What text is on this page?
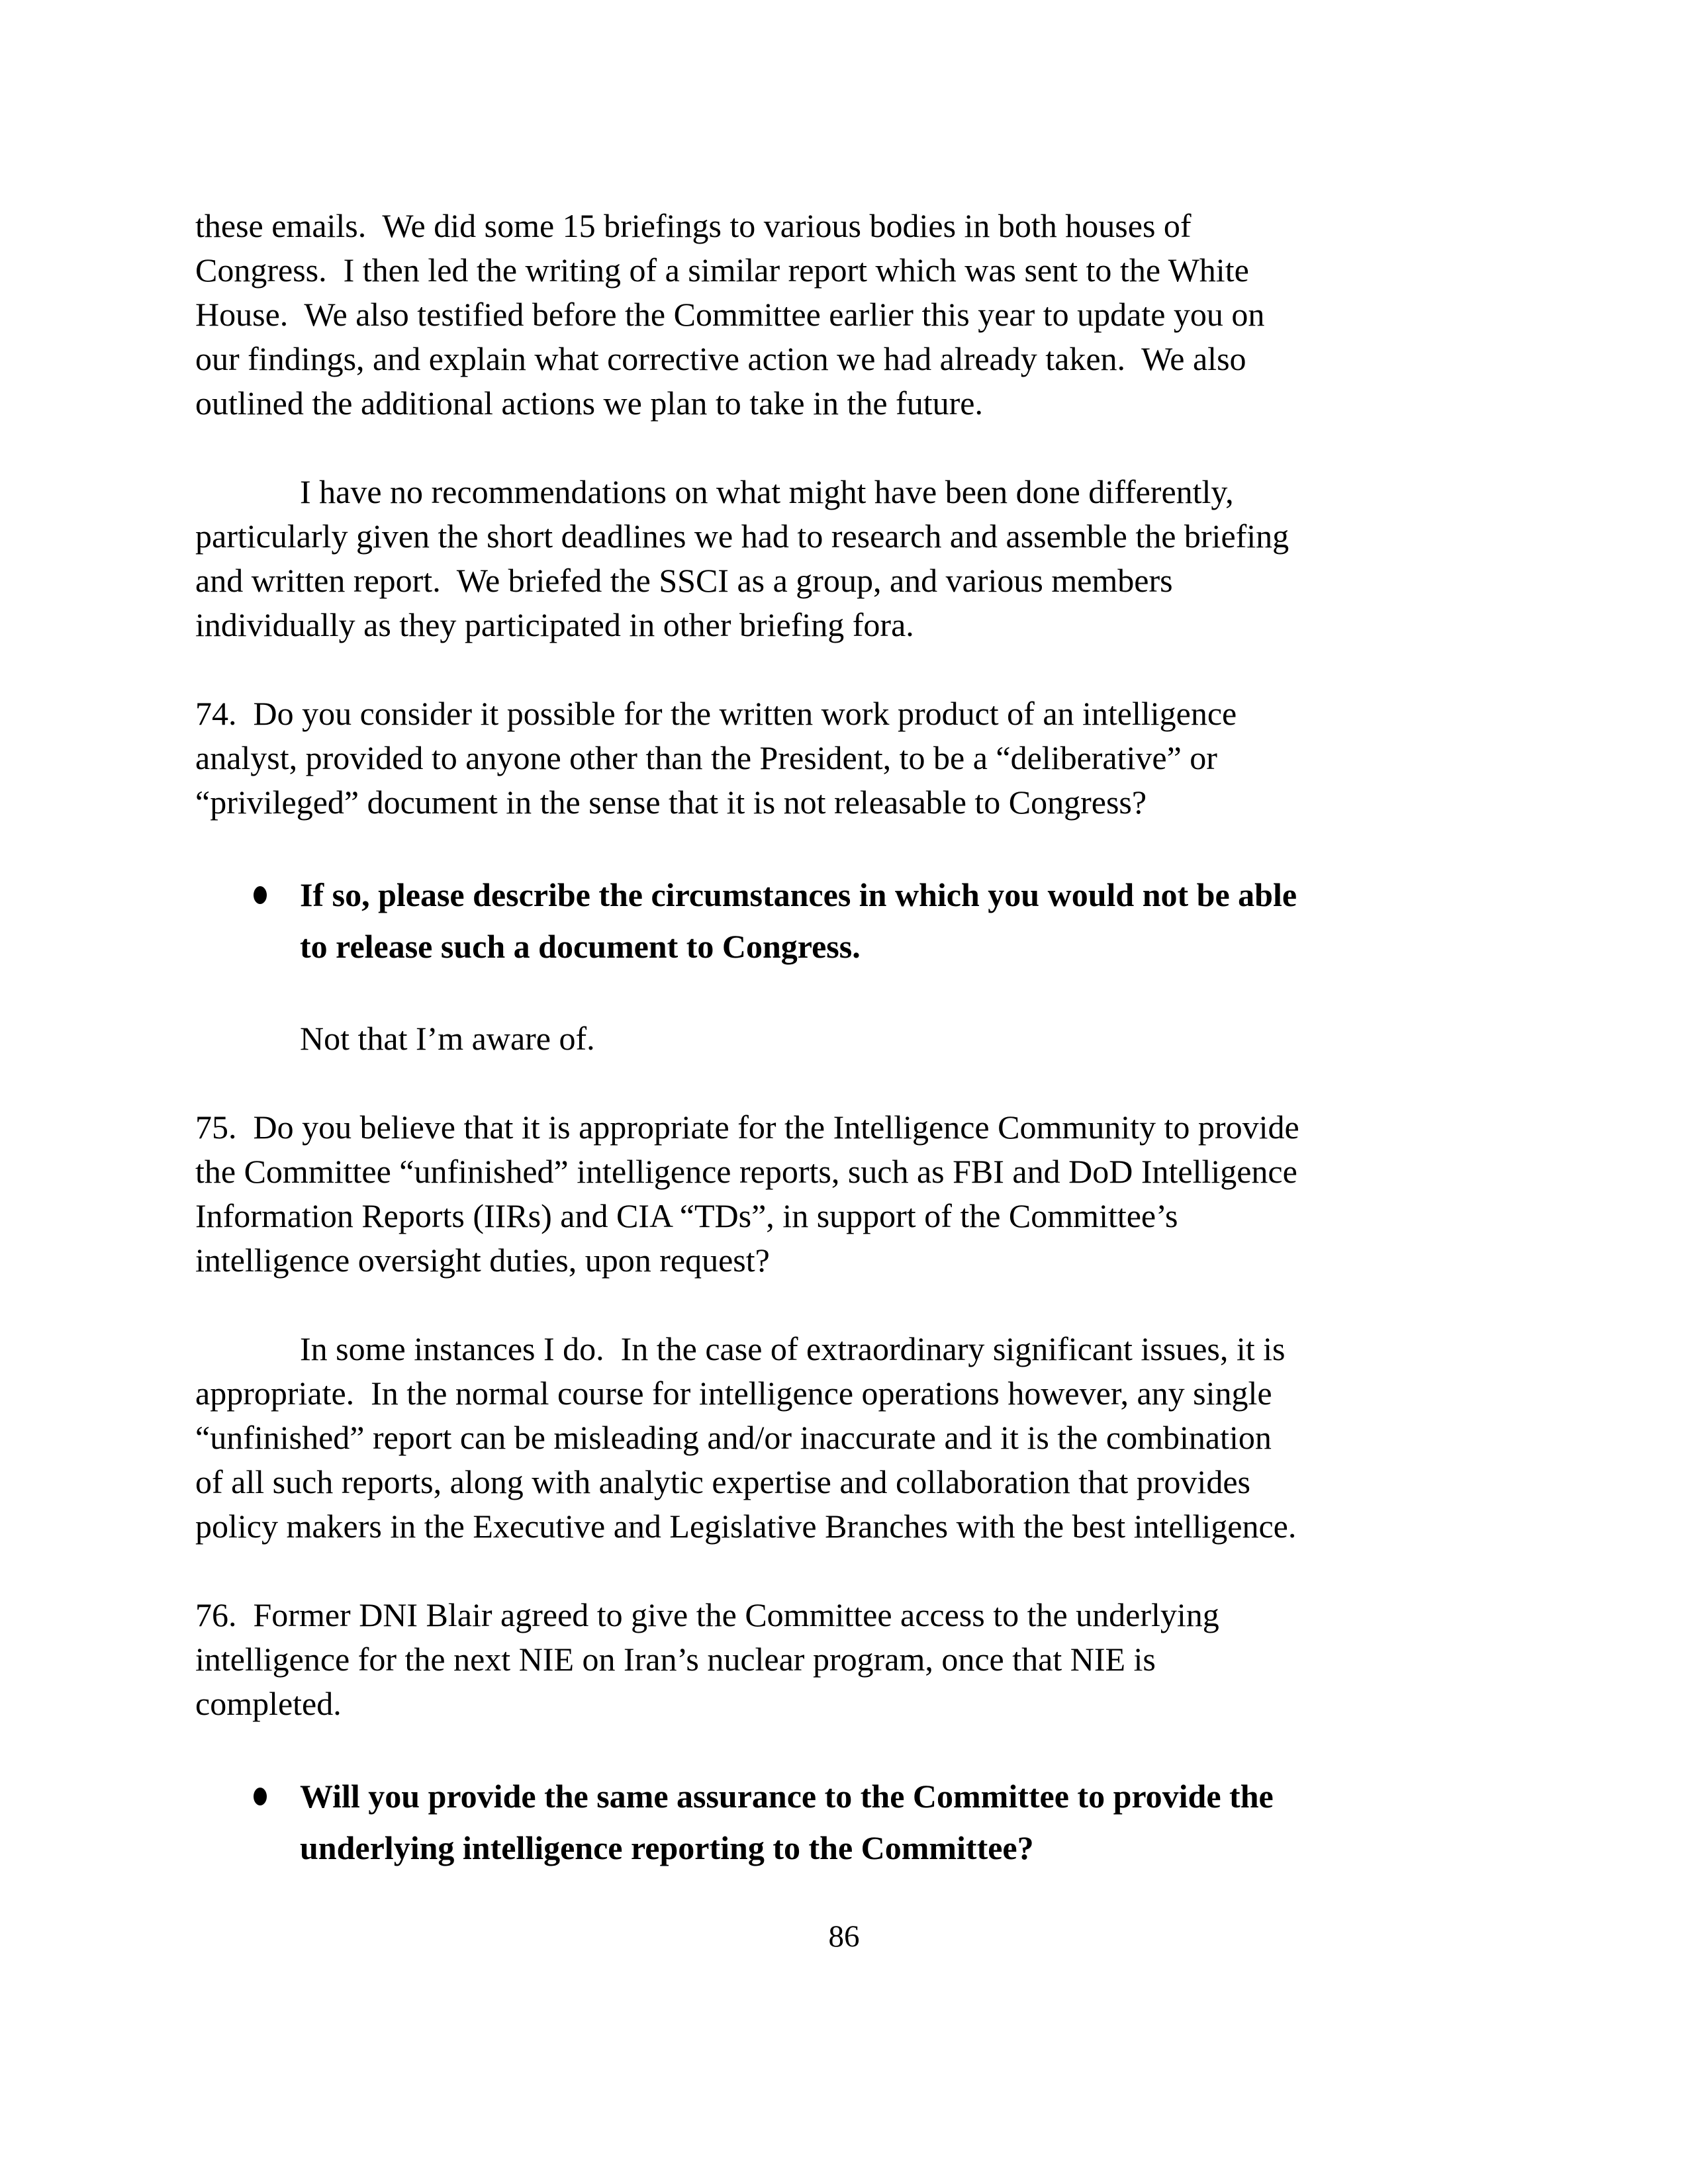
these emails.  We did some 15 briefings to various bodies in both houses of
Congress.  I then led the writing of a similar report which was sent to the White
House.  We also testified before the Committee earlier this year to update you on
our findings, and explain what corrective action we had already taken.  We also
outlined the additional actions we plan to take in the future.
I have no recommendations on what might have been done differently,
particularly given the short deadlines we had to research and assemble the briefing
and written report.  We briefed the SSCI as a group, and various members
individually as they participated in other briefing fora.
74.  Do you consider it possible for the written work product of an intelligence
analyst, provided to anyone other than the President, to be a “deliberative” or
“privileged” document in the sense that it is not releasable to Congress?
If so, please describe the circumstances in which you would not be able
to release such a document to Congress.
Not that I’m aware of.
75.  Do you believe that it is appropriate for the Intelligence Community to provide
the Committee “unfinished” intelligence reports, such as FBI and DoD Intelligence
Information Reports (IIRs) and CIA “TDs”, in support of the Committee’s
intelligence oversight duties, upon request?
In some instances I do.  In the case of extraordinary significant issues, it is
appropriate.  In the normal course for intelligence operations however, any single
“unfinished” report can be misleading and/or inaccurate and it is the combination
of all such reports, along with analytic expertise and collaboration that provides
policy makers in the Executive and Legislative Branches with the best intelligence.
76.  Former DNI Blair agreed to give the Committee access to the underlying
intelligence for the next NIE on Iran’s nuclear program, once that NIE is
completed.
Will you provide the same assurance to the Committee to provide the
underlying intelligence reporting to the Committee?
86
